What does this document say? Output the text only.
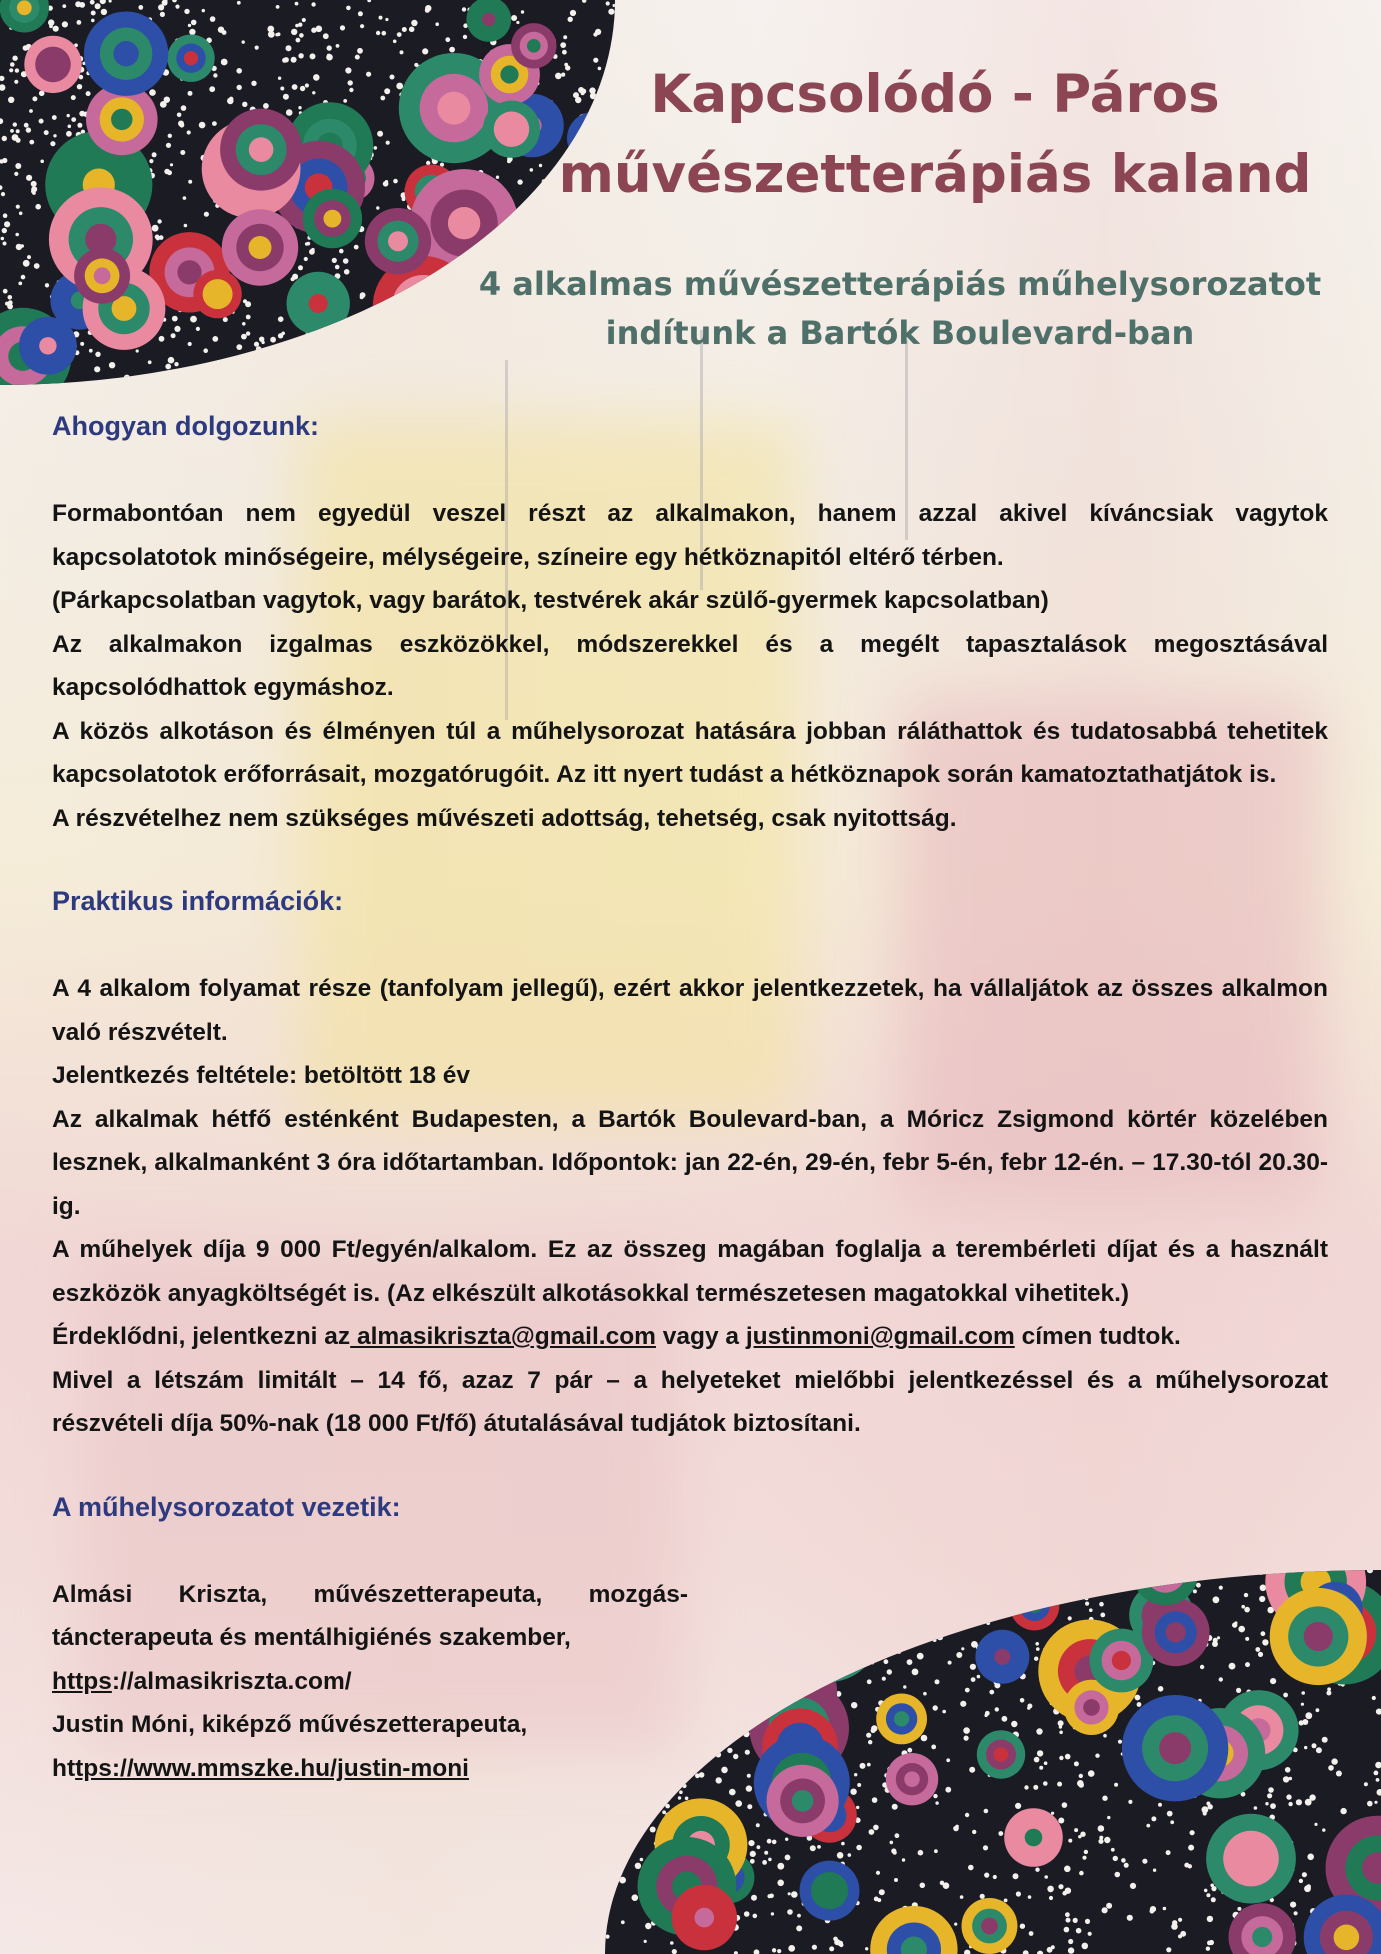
Kapcsolódó - Páros
művészetterápiás kaland
4 alkalmas művészetterápiás műhelysorozatot
indítunk a Bartók Boulevard-ban
Ahogyan dolgozunk:

Formabontóan nem egyedül veszel részt az alkalmakon, hanem azzal akivel kíváncsiak vagytok kapcsolatotok minőségeire, mélységeire, színeire egy hétköznapitól eltérő térben.

(Párkapcsolatban vagytok, vagy barátok, testvérek akár szülő-gyermek kapcsolatban)

Az alkalmakon izgalmas eszközökkel, módszerekkel és a megélt tapasztalások megosztásával kapcsolódhattok egymáshoz.

A közös alkotáson és élményen túl a műhelysorozat hatására jobban ráláthattok és tudatosabbá tehetitek kapcsolatotok erőforrásait, mozgatórugóit. Az itt nyert tudást a hétköznapok során kamatoztathatjátok is.

A részvételhez nem szükséges művészeti adottság, tehetség, csak nyitottság.

Praktikus információk:

A 4 alkalom folyamat része (tanfolyam jellegű), ezért akkor jelentkezzetek, ha vállaljátok az összes alkalmon való részvételt.

Jelentkezés feltétele: betöltött 18 év

Az alkalmak hétfő esténként Budapesten, a Bartók Boulevard-ban, a Móricz Zsigmond körtér közelében lesznek, alkalmanként 3 óra időtartamban. Időpontok: jan 22-én, 29-én, febr 5-én, febr 12-én. – 17.30-tól 20.30-ig.

A műhelyek díja 9 000 Ft/egyén/alkalom. Ez az összeg magában foglalja a terembérleti díjat és a használt eszközök anyagköltségét is. (Az elkészült alkotásokkal természetesen magatokkal vihetitek.)

Érdeklődni, jelentkezni az almasikriszta@gmail.com vagy a justinmoni@gmail.com címen tudtok.

Mivel a létszám limitált – 14 fő, azaz 7 pár – a helyeteket mielőbbi jelentkezéssel és a műhelysorozat részvételi díja 50%-nak (18 000 Ft/fő) átutalásával tudjátok biztosítani.

A műhelysorozatot vezetik:

Almási Kriszta, művészetterapeuta, mozgás-táncterapeuta és mentálhigiénés szakember,

https://almasikriszta.com/

Justin Móni, kiképző művészetterapeuta,

https://www.mmszke.hu/justin-moni
